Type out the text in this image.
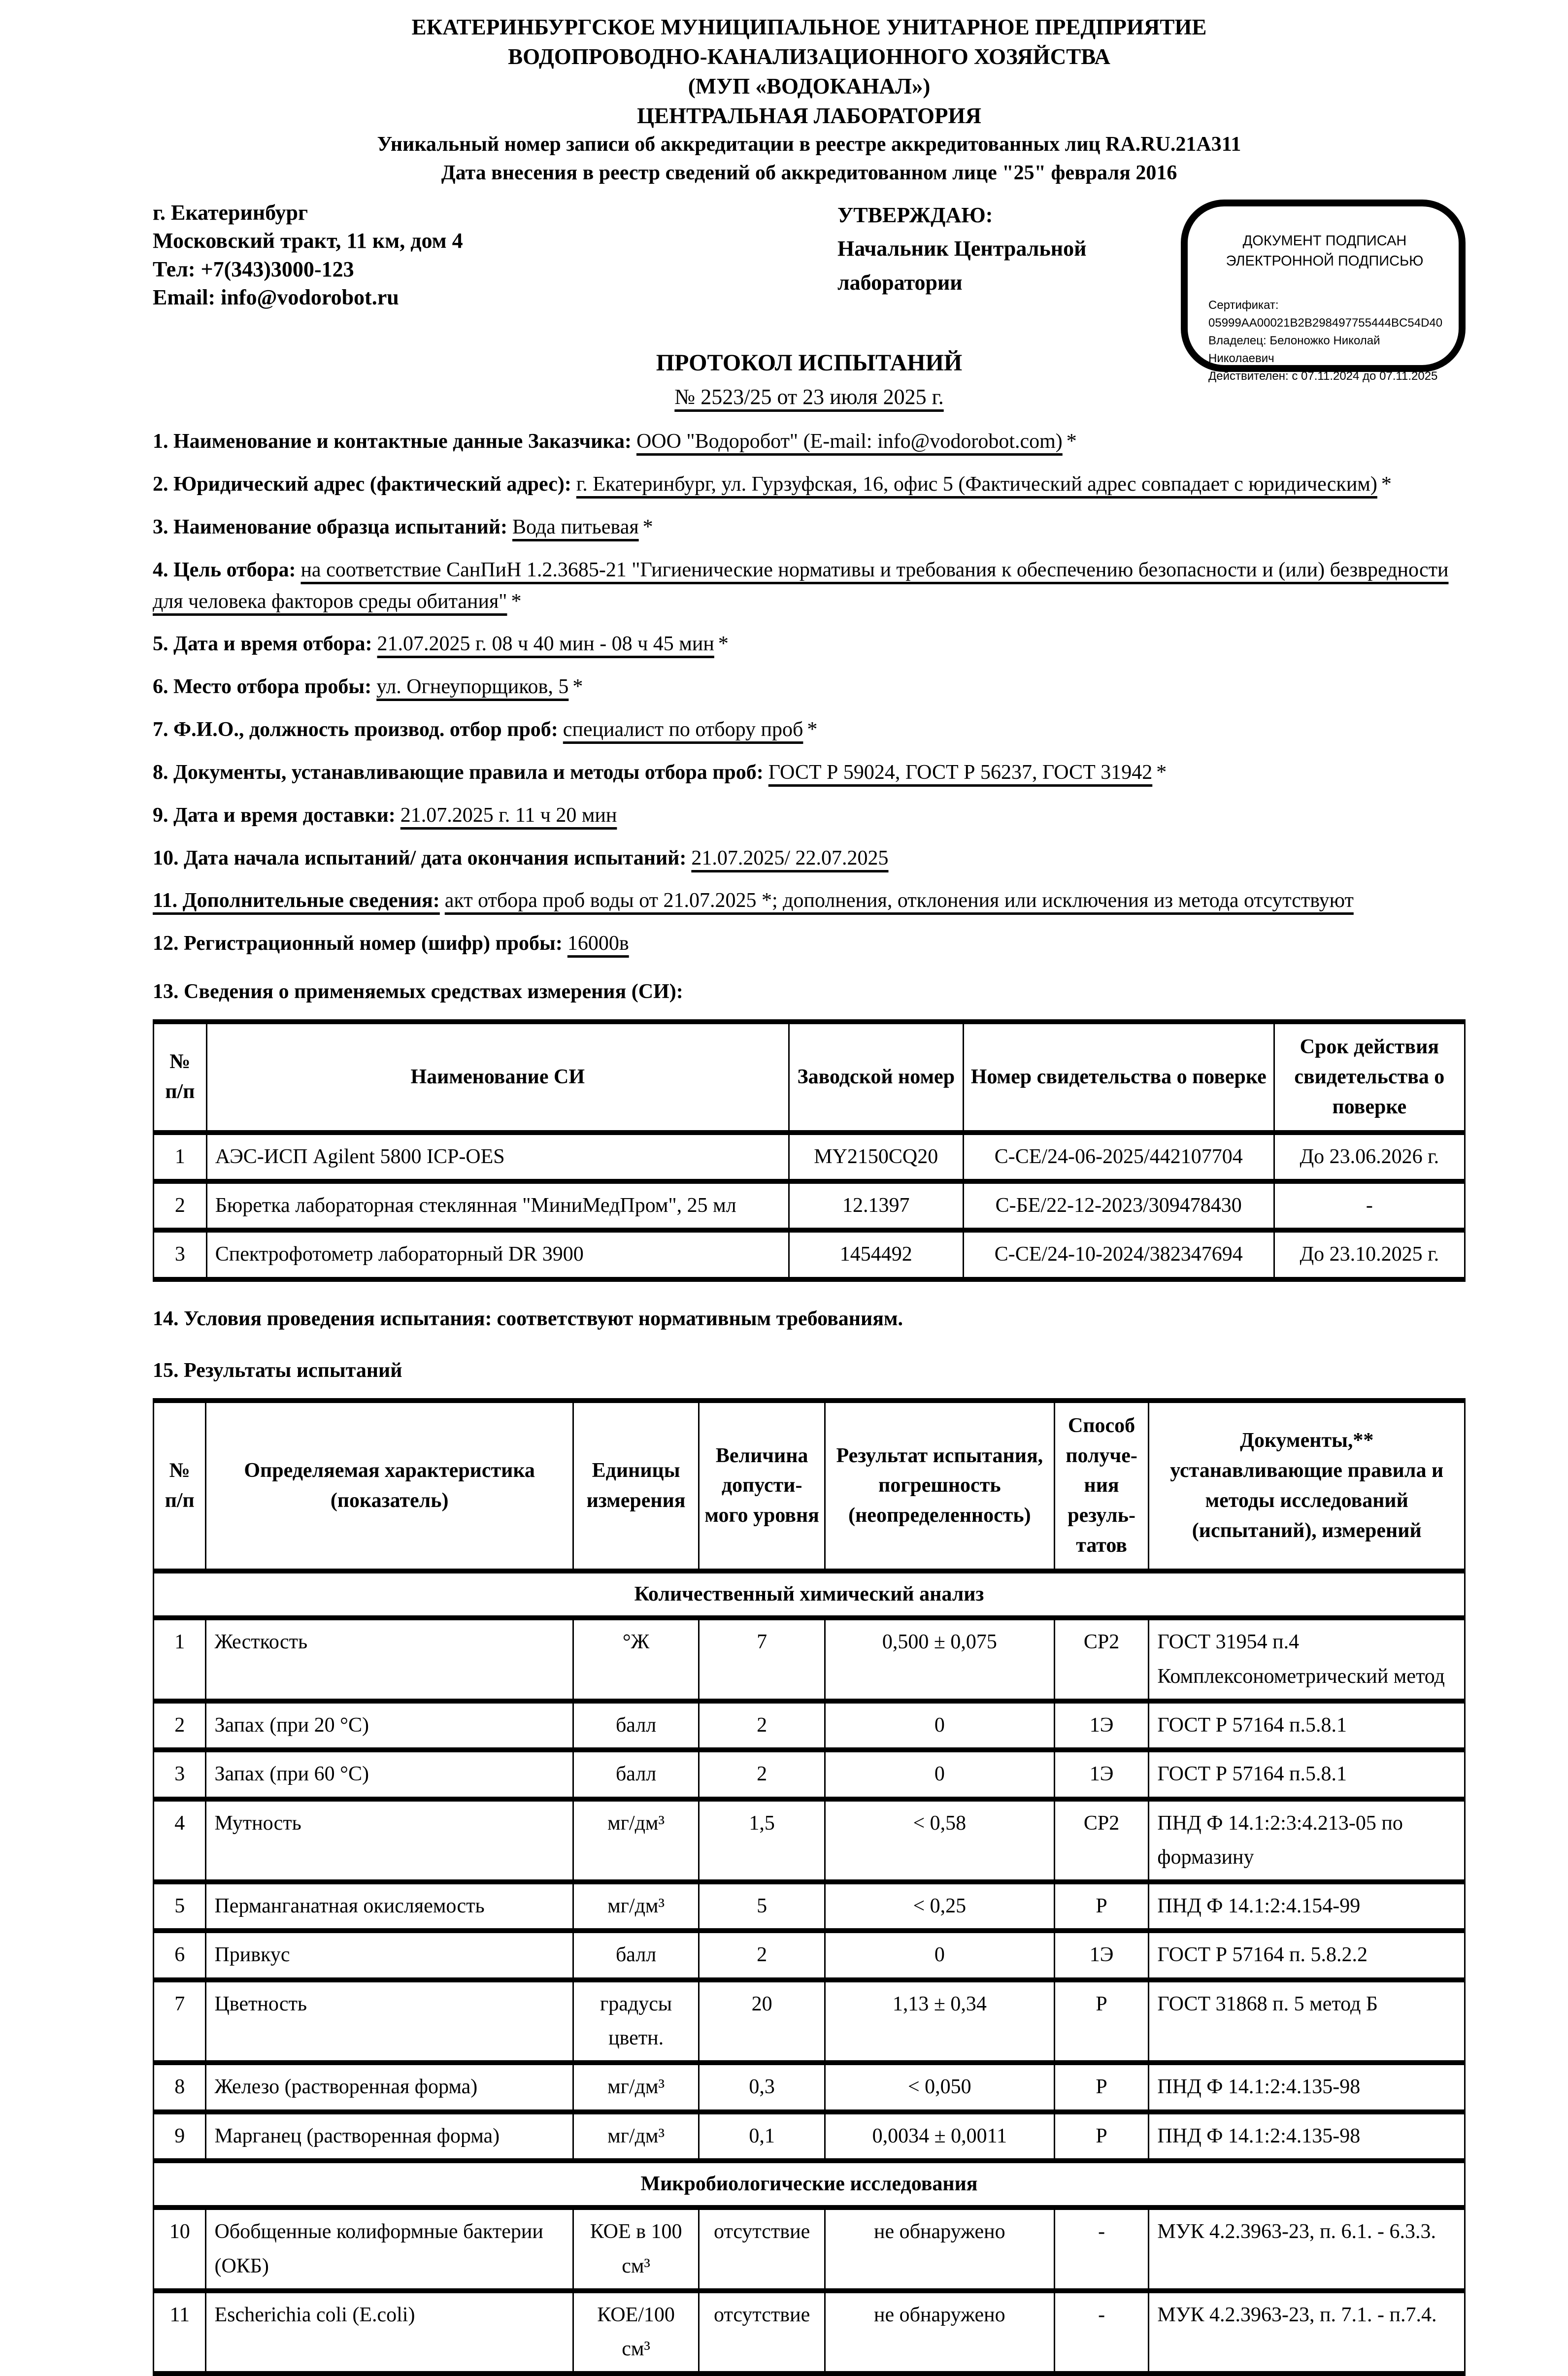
ЕКАТЕРИНБУРГСКОЕ МУНИЦИПАЛЬНОЕ УНИТАРНОЕ ПРЕДПРИЯТИЕ
ВОДОПРОВОДНО-КАНАЛИЗАЦИОННОГО ХОЗЯЙСТВА
(МУП «ВОДОКАНАЛ»)
ЦЕНТРАЛЬНАЯ ЛАБОРАТОРИЯ
Уникальный номер записи об аккредитации в реестре аккредитованных лиц RA.RU.21А311
Дата внесения в реестр сведений об аккредитованном лице "25" февраля 2016
г. Екатеринбург
Московский тракт, 11 км, дом 4
Тел: +7(343)3000-123
Email: info@vodorobot.ru
УТВЕРЖДАЮ:
Начальник Центральной
лаборатории
ДОКУМЕНТ ПОДПИСАН
ЭЛЕКТРОННОЙ ПОДПИСЬЮ
Сертификат: 05999AA00021B2B298497755444BC54D40
Владелец: Белоножко Николай Николаевич
Действителен: с 07.11.2024 до 07.11.2025
ПРОТОКОЛ ИСПЫТАНИЙ
№ 2523/25 от 23 июля 2025 г.
1. Наименование и контактные данные Заказчика: ООО "Водоробот" (E-mail: info@vodorobot.com) *
2. Юридический адрес (фактический адрес): г. Екатеринбург, ул. Гурзуфская, 16, офис 5 (Фактический адрес совпадает с юридическим) *
3. Наименование образца испытаний: Вода питьевая *
4. Цель отбора: на соответствие СанПиН 1.2.3685-21 "Гигиенические нормативы и требования к обеспечению безопасности и (или) безвредности для человека факторов среды обитания" *
5. Дата и время отбора: 21.07.2025 г. 08 ч 40 мин - 08 ч 45 мин *
6. Место отбора пробы: ул. Огнеупорщиков, 5 *
7. Ф.И.О., должность производ. отбор проб: специалист по отбору проб *
8. Документы, устанавливающие правила и методы отбора проб: ГОСТ Р 59024, ГОСТ Р 56237, ГОСТ 31942 *
9. Дата и время доставки: 21.07.2025 г. 11 ч 20 мин
10. Дата начала испытаний/ дата окончания испытаний: 21.07.2025/ 22.07.2025
11. Дополнительные сведения: акт отбора проб воды от 21.07.2025 *; дополнения, отклонения или исключения из метода отсутствуют
12. Регистрационный номер (шифр) пробы: 16000в
13. Сведения о применяемых средствах измерения (СИ):
№ п/п	Наименование СИ	Заводской номер	Номер свидетельства о поверке	Срок действия свидетельства о поверке
1	АЭС-ИСП Agilent 5800 ICP-OES	MY2150CQ20	С-СЕ/24-06-2025/442107704	До 23.06.2026 г.
2	Бюретка лабораторная стеклянная "МиниМедПром", 25 мл	12.1397	С-БЕ/22-12-2023/309478430	-
3	Спектрофотометр лабораторный DR 3900	1454492	С-СЕ/24-10-2024/382347694	До 23.10.2025 г.
14. Условия проведения испытания: соответствуют нормативным требованиям.
15. Результаты испытаний
№ п/п	Определяемая характеристика (показатель)	Единицы измерения	Величина допусти-мого уровня	Результат испытания, погрешность (неопределенность)	Способ получе-ния резуль-татов	Документы,** устанавливающие правила и методы исследований (испытаний), измерений
Количественный химический анализ						
1	Жесткость	°Ж	7	0,500 ± 0,075	СР2	ГОСТ 31954 п.4 Комплексонометрический метод
2	Запах (при 20 °С)	балл	2	0	1Э	ГОСТ Р 57164 п.5.8.1
3	Запах (при 60 °С)	балл	2	0	1Э	ГОСТ Р 57164 п.5.8.1
4	Мутность	мг/дм³	1,5	< 0,58	СР2	ПНД Ф 14.1:2:3:4.213-05 по формазину
5	Перманганатная окисляемость	мг/дм³	5	< 0,25	Р	ПНД Ф 14.1:2:4.154-99
6	Привкус	балл	2	0	1Э	ГОСТ Р 57164 п. 5.8.2.2
7	Цветность	градусы цветн.	20	1,13 ± 0,34	Р	ГОСТ 31868 п. 5 метод Б
8	Железо (растворенная форма)	мг/дм³	0,3	< 0,050	Р	ПНД Ф 14.1:2:4.135-98
9	Марганец (растворенная форма)	мг/дм³	0,1	0,0034 ± 0,0011	Р	ПНД Ф 14.1:2:4.135-98
Микробиологические исследования						
10	Обобщенные колиформные бактерии (ОКБ)	КОЕ в 100 см³	отсутствие	не обнаружено	-	МУК 4.2.3963-23, п. 6.1. - 6.3.3.
11	Escherichia coli (E.coli)	КОЕ/100 см³	отсутствие	не обнаружено	-	МУК 4.2.3963-23, п. 7.1. - п.7.4.
